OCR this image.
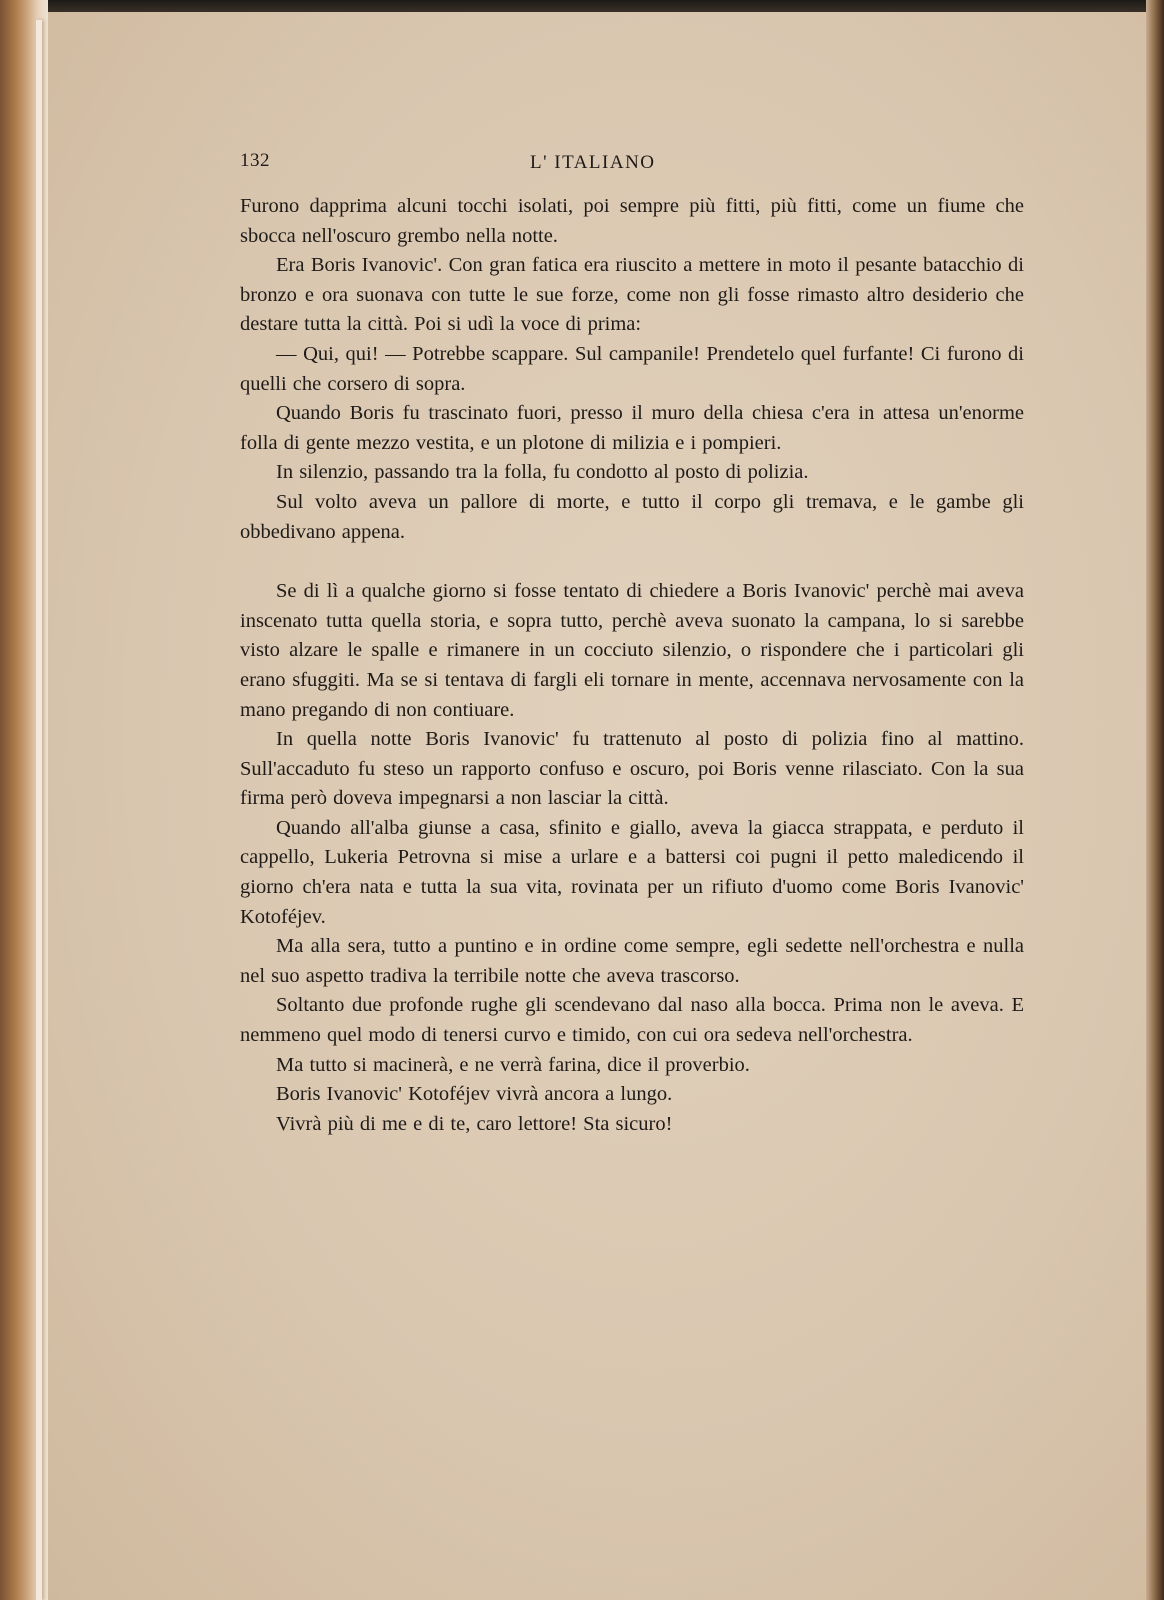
132	L' ITALIANO

Furono dapprima alcuni tocchi isolati, poi sempre più fitti, più fitti, come un fiume che sbocca nell'oscuro grembo nella notte.

Era Boris Ivanovic'. Con gran fatica era riuscito a mettere in moto il pesante batacchio di bronzo e ora suonava con tutte le sue forze, come non gli fosse rimasto altro desiderio che destare tutta la città. Poi si udì la voce di prima:

— Qui, qui! — Potrebbe scappare. Sul campanile! Prendetelo quel furfante! Ci furono di quelli che corsero di sopra.

Quando Boris fu trascinato fuori, presso il muro della chiesa c'era in attesa un'enorme folla di gente mezzo vestita, e un plotone di milizia e i pompieri.

In silenzio, passando tra la folla, fu condotto al posto di polizia.

Sul volto aveva un pallore di morte, e tutto il corpo gli tremava, e le gambe gli obbedivano appena.

Se di lì a qualche giorno si fosse tentato di chiedere a Boris Ivanovic' perchè mai aveva inscenato tutta quella storia, e sopra tutto, perchè aveva suonato la campana, lo si sarebbe visto alzare le spalle e rimanere in un cocciuto silenzio, o rispondere che i particolari gli erano sfuggiti. Ma se si tentava di fargli eli tornare in mente, accennava nervosamente con la mano pregando di non contiuare.

In quella notte Boris Ivanovic' fu trattenuto al posto di polizia fino al mattino. Sull'accaduto fu steso un rapporto confuso e oscuro, poi Boris venne rilasciato. Con la sua firma però doveva impegnarsi a non lasciar la città.

Quando all'alba giunse a casa, sfinito e giallo, aveva la giacca strappata, e perduto il cappello, Lukeria Petrovna si mise a urlare e a battersi coi pugni il petto maledicendo il giorno ch'era nata e tutta la sua vita, rovinata per un rifiuto d'uomo come Boris Ivanovic' Kotoféjev.

Ma alla sera, tutto a puntino e in ordine come sempre, egli sedette nell'orchestra e nulla nel suo aspetto tradiva la terribile notte che aveva trascorso.

Soltanto due profonde rughe gli scendevano dal naso alla bocca. Prima non le aveva. E nemmeno quel modo di tenersi curvo e timido, con cui ora sedeva nell'orchestra.

Ma tutto si macinerà, e ne verrà farina, dice il proverbio.

Boris Ivanovic' Kotoféjev vivrà ancora a lungo.

Vivrà più di me e di te, caro lettore! Sta sicuro!
